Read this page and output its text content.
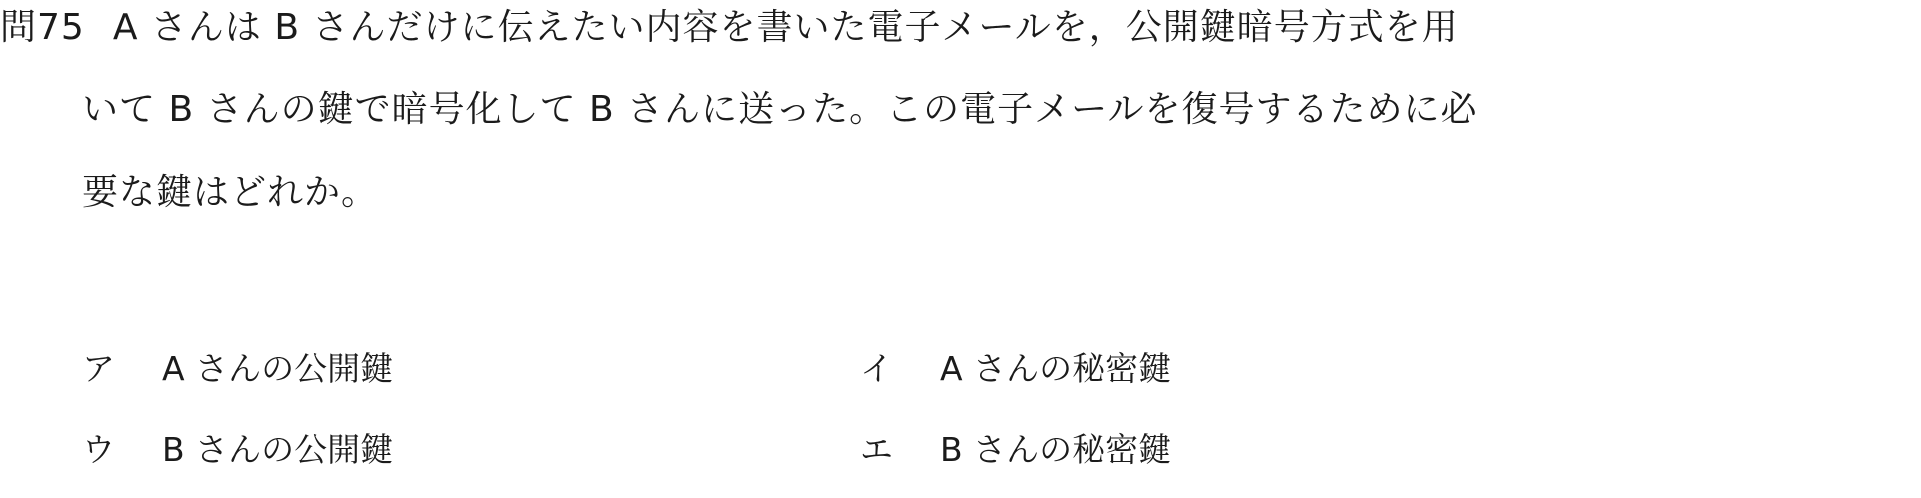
問75 A さんは B さんだけに伝えたい内容を書いた電子メールを，公開鍵暗号方式を用
いて B さんの鍵で暗号化して B さんに送った。この電子メールを復号するために必
要な鍵はどれか。
ア A さんの公開鍵	イ A さんの秘密鍵
ウ B さんの公開鍵	エ B さんの秘密鍵
